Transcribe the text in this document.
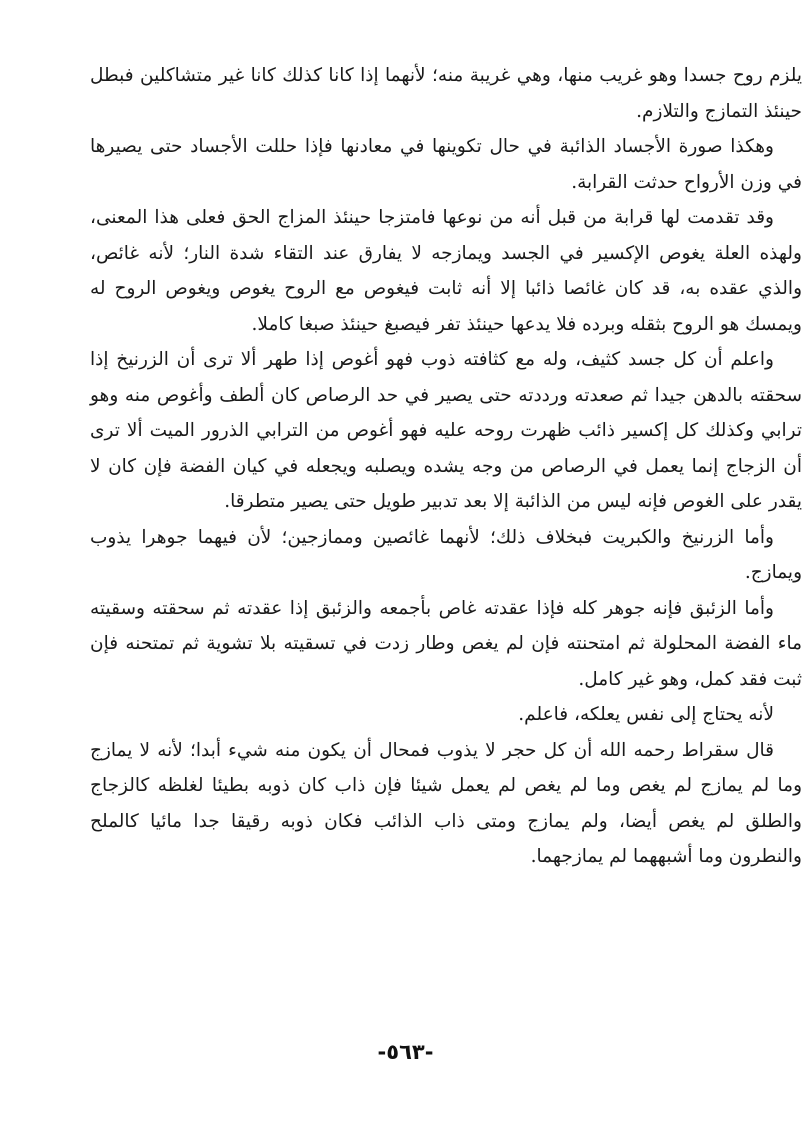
يلزم روح جسدا وهو غريب منها، وهي غريبة منه؛ لأنهما إذا كانا كذلك كانا غير متشاكلين فبطل حينئذ التمازج والتلازم.

وهكذا صورة الأجساد الذائبة في حال تكوينها في معادنها فإذا حللت الأجساد حتى يصيرها في وزن الأرواح حدثت القرابة.

وقد تقدمت لها قرابة من قبل أنه من نوعها فامتزجا حينئذ المزاج الحق فعلى هذا المعنى، ولهذه العلة يغوص الإكسير في الجسد ويمازجه لا يفارق عند التقاء شدة النار؛ لأنه غائص، والذي عقده به، قد كان غائصا ذائبا إلا أنه ثابت فيغوص مع الروح يغوص ويغوص الروح له ويمسك هو الروح بثقله وبرده فلا يدعها حينئذ تفر فيصبغ حينئذ صبغا كاملا.

واعلم أن كل جسد كثيف، وله مع كثافته ذوب فهو أغوص إذا طهر ألا ترى أن الزرنيخ إذا سحقته بالدهن جيدا ثم صعدته ورددته حتى يصير في حد الرصاص كان ألطف وأغوص منه وهو ترابي وكذلك كل إكسير ذائب ظهرت روحه عليه فهو أغوص من الترابي الذرور الميت ألا ترى أن الزجاج إنما يعمل في الرصاص من وجه يشده ويصلبه ويجعله في كيان الفضة فإن كان لا يقدر على الغوص فإنه ليس من الذائبة إلا بعد تدبير طويل حتى يصير متطرقا.

وأما الزرنيخ والكبريت فبخلاف ذلك؛ لأنهما غائصين وممازجين؛ لأن فيهما جوهرا يذوب ويمازج.

وأما الزئبق فإنه جوهر كله فإذا عقدته غاص بأجمعه والزئبق إذا عقدته ثم سحقته وسقيته ماء الفضة المحلولة ثم امتحنته فإن لم يغص وطار زدت في تسقيته بلا تشوية ثم تمتحنه فإن ثبت فقد كمل، وهو غير كامل.

لأنه يحتاج إلى نفس يعلكه، فاعلم.

قال سقراط رحمه الله أن كل حجر لا يذوب فمحال أن يكون منه شيء أبدا؛ لأنه لا يمازج وما لم يمازج لم يغص وما لم يغص لم يعمل شيئا فإن ذاب كان ذوبه بطيئا لغلظه كالزجاج والطلق لم يغص أيضا، ولم يمازج ومتى ذاب الذائب فكان ذوبه رقيقا جدا مائيا كالملح والنطرون وما أشبههما لم يمازجهما.

-٥٦٣-
